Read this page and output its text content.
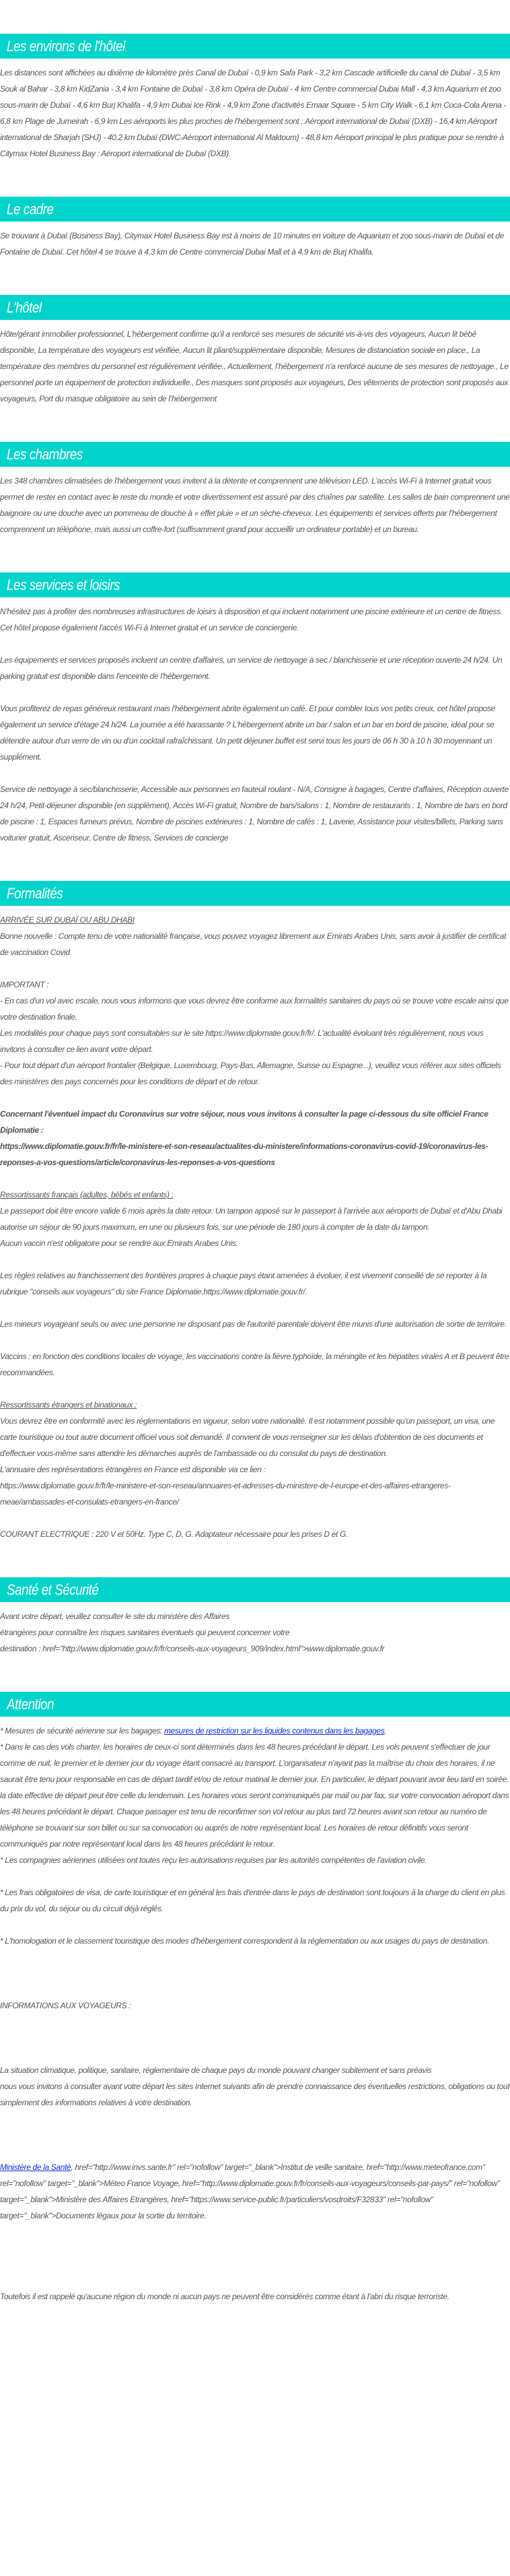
Les environs de l'hôtel

Les distances sont affichées au dixième de kilomètre près Canal de Dubaï - 0,9 km Safa Park - 3,2 km Cascade artificielle du canal de Dubaï - 3,5 km Souk al Bahar - 3,8 km KidZania - 3,4 km Fontaine de Dubaï - 3,8 km Opéra de Dubaï - 4 km Centre commercial Dubai Mall - 4,3 km Aquarium et zoo sous-marin de Dubaï - 4,6 km Burj Khalifa - 4,9 km Dubai Ice Rink - 4,9 km Zone d'activités Emaar Square - 5 km City Walk - 6,1 km Coca-Cola Arena - 6,8 km Plage de Jumeirah - 6,9 km Les aéroports les plus proches de l'hébergement sont : Aéroport international de Dubaï (DXB) - 16,4 km Aéroport international de Sharjah (SHJ) - 40,2 km Dubaï (DWC-Aéroport international Al Maktoum) - 48,8 km Aéroport principal le plus pratique pour se rendre à Citymax Hotel Business Bay : Aéroport international de Dubaï (DXB).

Le cadre

Se trouvant à Dubaï (Business Bay), Citymax Hotel Business Bay est à moins de 10 minutes en voiture de Aquarium et zoo sous-marin de Dubaï et de Fontaine de Dubaï. Cet hôtel 4 se trouve à 4,3 km de Centre commercial Dubai Mall et à 4,9 km de Burj Khalifa.

L'hôtel

Hôte/gérant immobilier professionnel, L’hébergement confirme qu’il a renforcé ses mesures de sécurité vis-à-vis des voyageurs, Aucun lit bébé disponible, La température des voyageurs est vérifiée, Aucun lit pliant/supplémentaire disponible, Mesures de distanciation sociale en place., La température des membres du personnel est régulièrement vérifiée., Actuellement, l’hébergement n’a renforcé aucune de ses mesures de nettoyage., Le personnel porte un équipement de protection individuelle., Des masques sont proposés aux voyageurs, Des vêtements de protection sont proposés aux voyageurs, Port du masque obligatoire au sein de l’hébergement

Les chambres

Les 348 chambres climatisées de l'hébergement vous invitent à la détente et comprennent une télévision LED. L'accès Wi-Fi à Internet gratuit vous permet de rester en contact avec le reste du monde et votre divertissement est assuré par des chaînes par satellite. Les salles de bain comprennent une baignoire ou une douche avec un pommeau de douche à « effet pluie » et un sèche-cheveux. Les équipements et services offerts par l'hébergement comprennent un téléphone, mais aussi un coffre-fort (suffisamment grand pour accueillir un ordinateur portable) et un bureau.

Les services et loisirs

N'hésitez pas à profiter des nombreuses infrastructures de loisirs à disposition et qui incluent notamment une piscine extérieure et un centre de fitness. Cet hôtel propose également l'accès Wi-Fi à Internet gratuit et un service de conciergerie.

Les équipements et services proposés incluent un centre d'affaires, un service de nettoyage à sec / blanchisserie et une réception ouverte 24 h/24. Un parking gratuit est disponible dans l'enceinte de l'hébergement.

Vous profiterez de repas généreux restaurant mais l'hébergement abrite également un café. Et pour combler tous vos petits creux, cet hôtel propose également un service d'étage 24 h/24. La journée a été harassante ? L'hébergement abrite un bar / salon et un bar en bord de piscine, idéal pour se détendre autour d'un verre de vin ou d'un cocktail rafraîchissant. Un petit déjeuner buffet est servi tous les jours de 06 h 30 à 10 h 30 moyennant un supplément.

Service de nettoyage à sec/blanchisserie, Accessible aux personnes en fauteuil roulant - N/A, Consigne à bagages, Centre d'affaires, Réception ouverte 24 h/24, Petit-déjeuner disponible (en supplément), Accès Wi-Fi gratuit, Nombre de bars/salons : 1, Nombre de restaurants : 1, Nombre de bars en bord de piscine : 1, Espaces fumeurs prévus, Nombre de piscines extérieures : 1, Nombre de cafés : 1, Laverie, Assistance pour visites/billets, Parking sans voiturier gratuit, Ascenseur, Centre de fitness, Services de concierge

Formalités
ARRIVÉE SUR DUBAÏ OU ABU DHABI
Bonne nouvelle : Compte tenu de votre nationalité française, vous pouvez voyagez librement aux Emirats Arabes Unis, sans avoir à justifier de certificat de vaccination Covid.
IMPORTANT :
- En cas d'un vol avec escale, nous vous informons que vous devrez être conforme aux formalités sanitaires du pays où se trouve votre escale ainsi que votre destination finale.
Les modalités pour chaque pays sont consultables sur le site https://www.diplomatie.gouv.fr/fr/. L'actualité évoluant très régulièrement, nous vous invitons à consulter ce lien avant votre départ.
- Pour tout départ d'un aéroport frontalier (Belgique, Luxembourg, Pays-Bas, Allemagne, Suisse ou Espagne...), veuillez vous référer aux sites officiels des ministères des pays concernés pour les conditions de départ et de retour.
Concernant l'éventuel impact du Coronavirus sur votre séjour, nous vous invitons à consulter la page ci-dessous du site officiel France Diplomatie :
https://www.diplomatie.gouv.fr/fr/le-ministere-et-son-reseau/actualites-du-ministere/informations-coronavirus-covid-19/coronavirus-les-reponses-a-vos-questions/article/coronavirus-les-reponses-a-vos-questions
Ressortissants français (adultes, bébés et enfants) :
Le passeport doit être encore valide 6 mois après la date retour. Un tampon apposé sur le passeport à l'arrivée aux aéroports de Dubaï et d'Abu Dhabi autorise un séjour de 90 jours maximum, en une ou plusieurs fois, sur une période de 180 jours à compter de la date du tampon.
Aucun vaccin n'est obligatoire pour se rendre aux Emirats Arabes Unis.
Les règles relatives au franchissement des frontières propres à chaque pays étant amenées à évoluer, il est vivement conseillé de se reporter à la rubrique "conseils aux voyageurs" du site France Diplomatie,https://www.diplomatie.gouv.fr/.
Les mineurs voyageant seuls ou avec une personne ne disposant pas de l'autorité parentale doivent être munis d'une autorisation de sortie de territoire.
Vaccins : en fonction des conditions locales de voyage, les vaccinations contre la fièvre typhoïde, la méningite et les hépatites virales A et B peuvent être recommandées.
Ressortissants étrangers et binationaux :
Vous devrez être en conformité avec les réglementations en vigueur, selon votre nationalité. Il est notamment possible qu'un passeport, un visa, une carte touristique ou tout autre document officiel vous soit demandé. Il convient de vous renseigner sur les délais d'obtention de ces documents et d'effectuer vous-même sans attendre les démarches auprès de l'ambassade ou du consulat du pays de destination.
L'annuaire des représentations étrangères en France est disponible via ce lien :
https://www.diplomatie.gouv.fr/fr/le-ministere-et-son-reseau/annuaires-et-adresses-du-ministere-de-l-europe-et-des-affaires-etrangeres-meae/ambassades-et-consulats-etrangers-en-france/
COURANT ELECTRIQUE : 220 V et 50Hz. Type C, D, G. Adaptateur nécessaire pour les prises D et G.
Santé et Sécurité
Avant votre départ, veuillez consulter le site du ministère des Affaires
étrangères pour connaître les risques sanitaires éventuels qui peuvent concerner votre
destination : href="http://www.diplomatie.gouv.fr/fr/conseils-aux-voyageurs_909/index.html">www.diplomatie.gouv.fr
Attention
* Mesures de sécurité aérienne sur les bagages: mesures de restriction sur les liquides contenus dans les bagages.
* Dans le cas des vols charter, les horaires de ceux-ci sont déterminés dans les 48 heures précédant le départ. Les vols peuvent s'effectuer de jour comme de nuit, le premier et le dernier jour du voyage étant consacré au transport. L'organisateur n'ayant pas la maîtrise du choix des horaires, il ne saurait être tenu pour responsable en cas de départ tardif et/ou de retour matinal le dernier jour. En particulier, le départ pouvant avoir lieu tard en soirée, la date effective de départ peut être celle du lendemain. Les horaires vous seront communiqués par mail ou par fax, sur votre convocation aéroport dans les 48 heures précédant le départ. Chaque passager est tenu de reconfirmer son vol retour au plus tard 72 heures avant son retour au numéro de téléphone se trouvant sur son billet ou sur sa convocation ou auprés de notre représentant local. Les horaires de retour définitifs vous seront communiqués par notre représentant local dans les 48 heures précédant le retour.
* Les compagnies aériennes utilisées ont toutes reçu les autorisations requises par les autorités compétentes de l'aviation civile.
* Les frais obligatoires de visa, de carte touristique et en général les frais d'entrée dans le pays de destination sont toujours à la charge du client en plus du prix du vol, du séjour ou du circuit déjà réglés.
* L'homologation et le classement touristique des modes d'hébergement correspondent à la réglementation ou aux usages du pays de destination.
INFORMATIONS AUX VOYAGEURS :
La situation climatique, politique, sanitaire, réglementaire de chaque pays du monde pouvant changer subitement et sans préavis
nous vous invitons à consulter avant votre départ les sites Internet suivants afin de prendre connaissance des éventuelles restrictions, obligations ou tout simplement des informations relatives à votre destination.
Ministère de la Santé, href="http://www.invs.sante.fr" rel="nofollow" target="_blank">Institut de veille sanitaire, href="http://www.meteofrance.com" rel="nofollow" target="_blank">Méteo France Voyage, href="http://www.diplomatie.gouv.fr/fr/conseils-aux-voyageurs/conseils-par-pays/" rel="nofollow" target="_blank">Ministère des Affaires Etrangères, href="https://www.service-public.fr/particuliers/vosdroits/F32833" rel="nofollow" target="_blank">Documents légaux pour la sortie du territoire.
Toutefois il est rappelé qu'aucune région du monde ni aucun pays ne peuvent être considérés comme étant à l'abri du risque terroriste.
